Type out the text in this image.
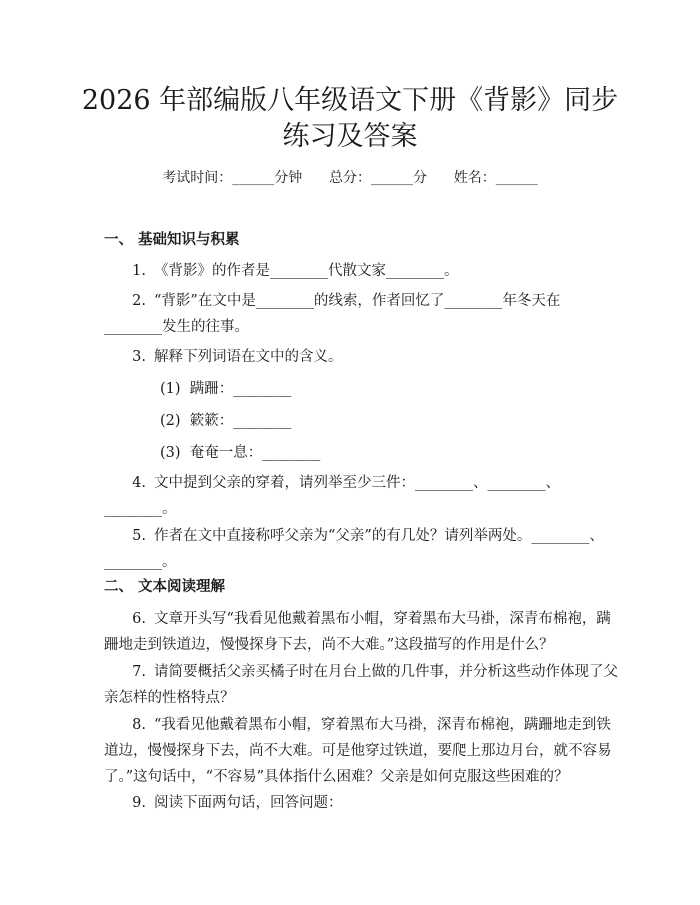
2026 年部编版八年级语文下册《背影》同步
练习及答案
考试时间：______分钟      总分：______分      姓名：______
一、 基础知识与积累
1. 《背影》的作者是________代散文家________。
2. “背影”在文中是________的线索，作者回忆了________年冬天在
________发生的往事。
3. 解释下列词语在文中的含义。
(1)  蹒跚：________
(2)  簌簌：________
(3)  奄奄一息：________
4. 文中提到父亲的穿着，请列举至少三件：________、________、
________。
5. 作者在文中直接称呼父亲为“父亲”的有几处？请列举两处。________、
________。
二、 文本阅读理解
6. 文章开头写“我看见他戴着黑布小帽，穿着黑布大马褂，深青布棉袍，蹒
跚地走到铁道边，慢慢探身下去，尚不大难。”这段描写的作用是什么？
7. 请简要概括父亲买橘子时在月台上做的几件事，并分析这些动作体现了父
亲怎样的性格特点？
8. “我看见他戴着黑布小帽，穿着黑布大马褂，深青布棉袍，蹒跚地走到铁
道边，慢慢探身下去，尚不大难。可是他穿过铁道，要爬上那边月台，就不容易
了。”这句话中，“不容易”具体指什么困难？父亲是如何克服这些困难的？
9. 阅读下面两句话，回答问题：
